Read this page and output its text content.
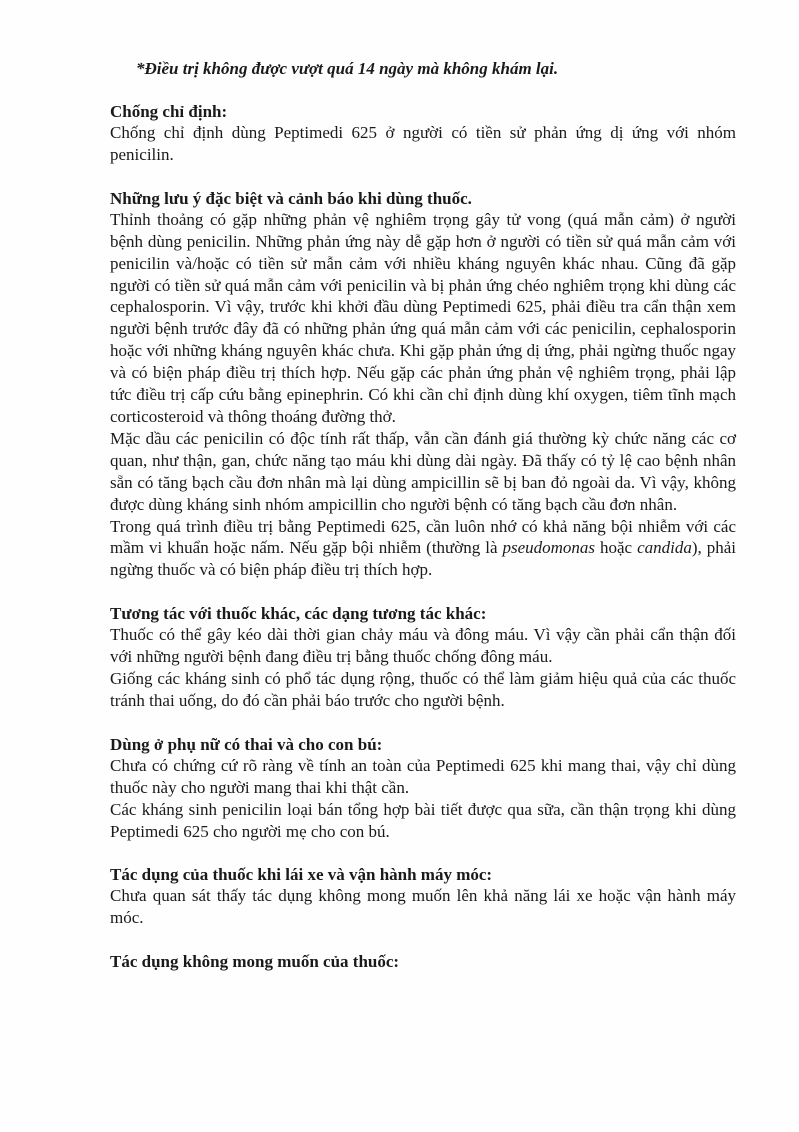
*Điều trị không được vượt quá 14 ngày mà không khám lại.
Chống chỉ định:
Chống chỉ định dùng Peptimedi 625 ở người có tiền sử phản ứng dị ứng với nhóm penicilin.
Những lưu ý đặc biệt và cảnh báo khi dùng thuốc.
Thỉnh thoảng có gặp những phản vệ nghiêm trọng gây tử vong (quá mẫn cảm) ở người bệnh dùng penicilin. Những phản ứng này dễ gặp hơn ở người có tiền sử quá mẫn cảm với penicilin và/hoặc có tiền sử mẫn cảm với nhiều kháng nguyên khác nhau. Cũng đã gặp người có tiền sử quá mẫn cảm với penicilin và bị phản ứng chéo nghiêm trọng khi dùng các cephalosporin. Vì vậy, trước khi khởi đầu dùng Peptimedi 625, phải điều tra cẩn thận xem người bệnh trước đây đã có những phản ứng quá mẫn cảm với các penicilin, cephalosporin hoặc với những kháng nguyên khác chưa. Khi gặp phản ứng dị ứng, phải ngừng thuốc ngay và có biện pháp điều trị thích hợp. Nếu gặp các phản ứng phản vệ nghiêm trọng, phải lập tức điều trị cấp cứu bằng epinephrin. Có khi cần chỉ định dùng khí oxygen, tiêm tĩnh mạch corticosteroid và thông thoáng đường thở.
Mặc dầu các penicilin có độc tính rất thấp, vẫn cần đánh giá thường kỳ chức năng các cơ quan, như thận, gan, chức năng tạo máu khi dùng dài ngày. Đã thấy có tỷ lệ cao bệnh nhân sẵn có tăng bạch cầu đơn nhân mà lại dùng ampicillin sẽ bị ban đỏ ngoài da. Vì vậy, không được dùng kháng sinh nhóm ampicillin cho người bệnh có tăng bạch cầu đơn nhân.
Trong quá trình điều trị bằng Peptimedi 625, cần luôn nhớ có khả năng bội nhiễm với các mầm vi khuẩn hoặc nấm. Nếu gặp bội nhiễm (thường là pseudomonas hoặc candida), phải ngừng thuốc và có biện pháp điều trị thích hợp.
Tương tác với thuốc khác, các dạng tương tác khác:
Thuốc có thể gây kéo dài thời gian chảy máu và đông máu. Vì vậy cần phải cẩn thận đối với những người bệnh đang điều trị bằng thuốc chống đông máu.
Giống các kháng sinh có phổ tác dụng rộng, thuốc có thể làm giảm hiệu quả của các thuốc tránh thai uống, do đó cần phải báo trước cho người bệnh.
Dùng ở phụ nữ có thai và cho con bú:
Chưa có chứng cứ rõ ràng về tính an toàn của Peptimedi 625 khi mang thai, vậy chỉ dùng thuốc này cho người mang thai khi thật cần.
Các kháng sinh penicilin loại bán tổng hợp bài tiết được qua sữa, cần thận trọng khi dùng Peptimedi 625 cho người mẹ cho con bú.
Tác dụng của thuốc khi lái xe và vận hành máy móc:
Chưa quan sát thấy tác dụng không mong muốn lên khả năng lái xe hoặc vận hành máy móc.
Tác dụng không mong muốn của thuốc:
